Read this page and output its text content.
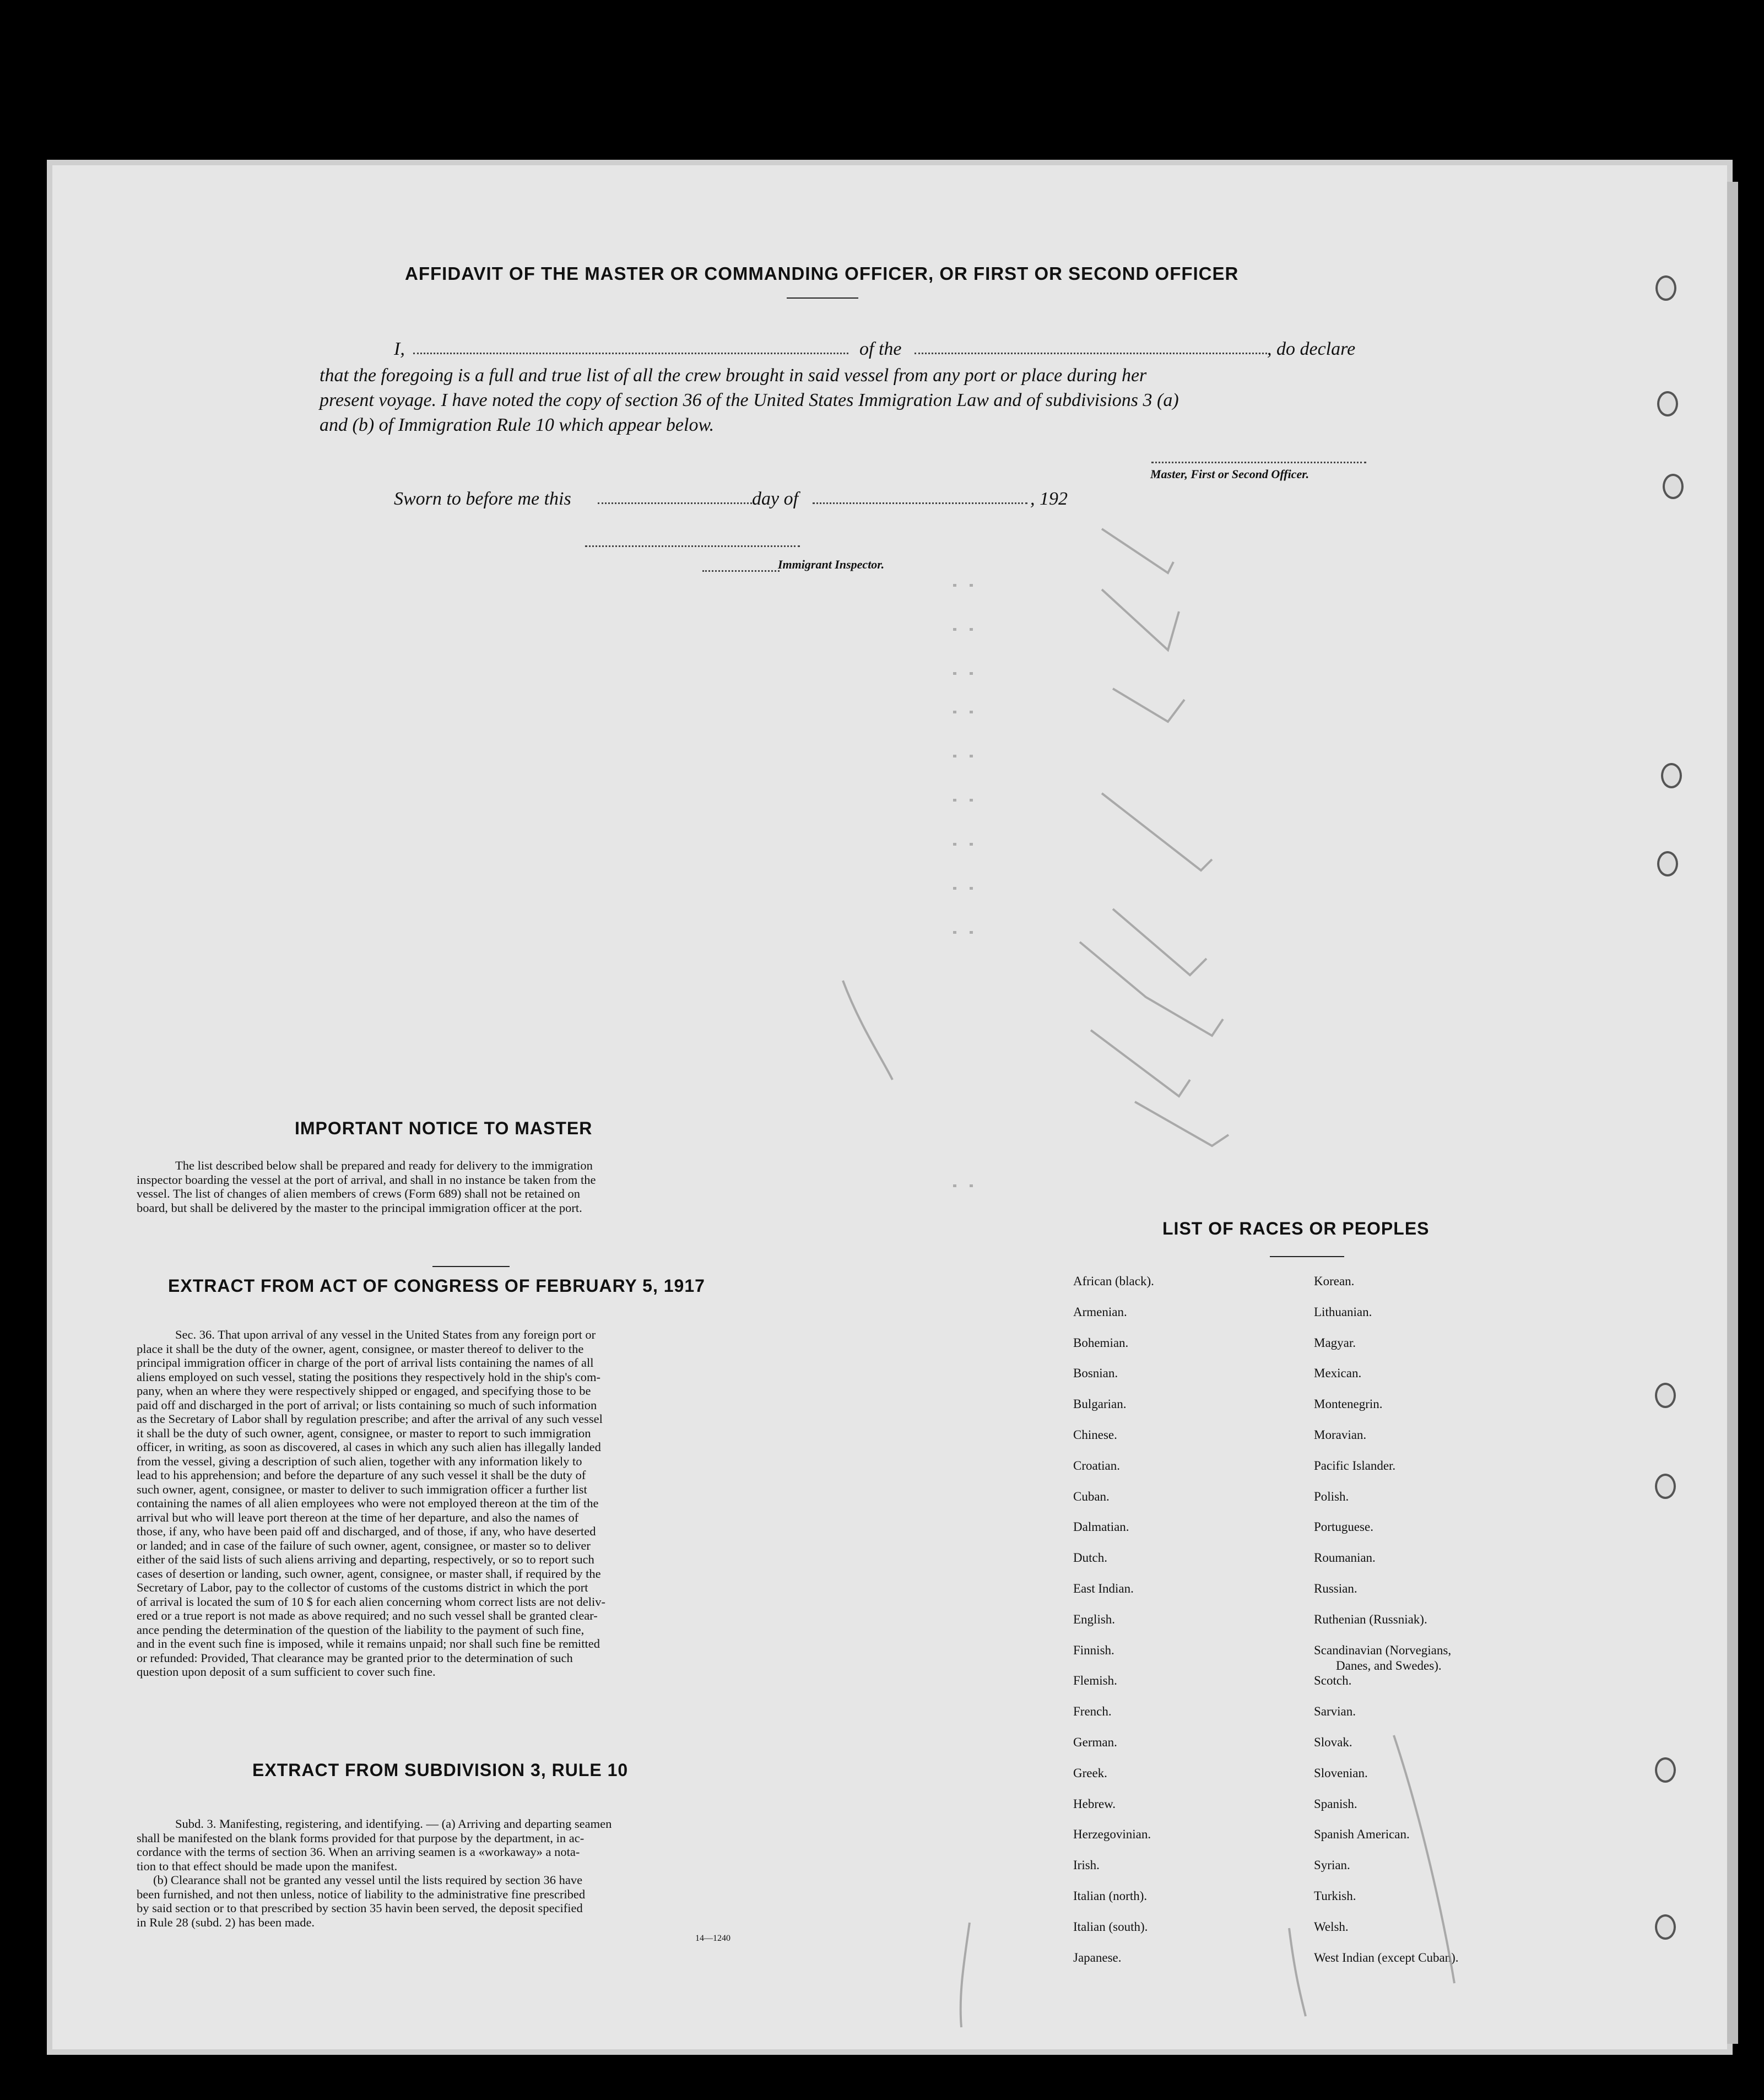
AFFIDAVIT OF THE MASTER OR COMMANDING OFFICER, OR FIRST OR SECOND OFFICER
I,	of the	, do declare
that the foregoing is a full and true list of all the crew brought in said vessel from any port or place during her
present voyage. I have noted the copy of section 36 of the United States Immigration Law and of subdivisions 3 (a)
and (b) of Immigration Rule 10 which appear below.
Master, First or Second Officer.
Sworn to before me this	day of	, 192
Immigrant Inspector.
IMPORTANT NOTICE TO MASTER
The list described below shall be prepared and ready for delivery to the immigration
inspector boarding the vessel at the port of arrival, and shall in no instance be taken from the
vessel. The list of changes of alien members of crews (Form 689) shall not be retained on
board, but shall be delivered by the master to the principal immigration officer at the port.
EXTRACT FROM ACT OF CONGRESS OF FEBRUARY 5, 1917
Sec. 36. That upon arrival of any vessel in the United States from any foreign port or
place it shall be the duty of the owner, agent, consignee, or master thereof to deliver to the
principal immigration officer in charge of the port of arrival lists containing the names of all
aliens employed on such vessel, stating the positions they respectively hold in the ship's com-
pany, when an where they were respectively shipped or engaged, and specifying those to be
paid off and discharged in the port of arrival; or lists containing so much of such information
as the Secretary of Labor shall by regulation prescribe; and after the arrival of any such vessel
it shall be the duty of such owner, agent, consignee, or master to report to such immigration
officer, in writing, as soon as discovered, al cases in which any such alien has illegally landed
from the vessel, giving a description of such alien, together with any information likely to
lead to his apprehension; and before the departure of any such vessel it shall be the duty of
such owner, agent, consignee, or master to deliver to such immigration officer a further list
containing the names of all alien employees who were not employed thereon at the tim of the
arrival but who will leave port thereon at the time of her departure, and also the names of
those, if any, who have been paid off and discharged, and of those, if any, who have deserted
or landed; and in case of the failure of such owner, agent, consignee, or master so to deliver
either of the said lists of such aliens arriving and departing, respectively, or so to report such
cases of desertion or landing, such owner, agent, consignee, or master shall, if required by the
Secretary of Labor, pay to the collector of customs of the customs district in which the port
of arrival is located the sum of 10 $ for each alien concerning whom correct lists are not deliv-
ered or a true report is not made as above required; and no such vessel shall be granted clear-
ance pending the determination of the question of the liability to the payment of such fine,
and in the event such fine is imposed, while it remains unpaid; nor shall such fine be remitted
or refunded: Provided, That clearance may be granted prior to the determination of such
question upon deposit of a sum sufficient to cover such fine.
EXTRACT FROM SUBDIVISION 3, RULE 10
Subd. 3. Manifesting, registering, and identifying. — (a) Arriving and departing seamen
shall be manifested on the blank forms provided for that purpose by the department, in ac-
cordance with the terms of section 36. When an arriving seamen is a «workaway» a nota-
tion to that effect should be made upon the manifest.
(b) Clearance shall not be granted any vessel until the lists required by section 36 have
been furnished, and not then unless, notice of liability to the administrative fine prescribed
by said section or to that prescribed by section 35 havin been served, the deposit specified
in Rule 28 (subd. 2) has been made.
14—1240
LIST OF RACES OR PEOPLES
African (black).
Armenian.
Bohemian.
Bosnian.
Bulgarian.
Chinese.
Croatian.
Cuban.
Dalmatian.
Dutch.
East Indian.
English.
Finnish.
Flemish.
French.
German.
Greek.
Hebrew.
Herzegovinian.
Irish.
Italian (north).
Italian (south).
Japanese.
Korean.
Lithuanian.
Magyar.
Mexican.
Montenegrin.
Moravian.
Pacific Islander.
Polish.
Portuguese.
Roumanian.
Russian.
Ruthenian (Russniak).
Scandinavian (Norvegians,
Danes, and Swedes).
Scotch.
Sarvian.
Slovak.
Slovenian.
Spanish.
Spanish American.
Syrian.
Turkish.
Welsh.
West Indian (except Cuban).
